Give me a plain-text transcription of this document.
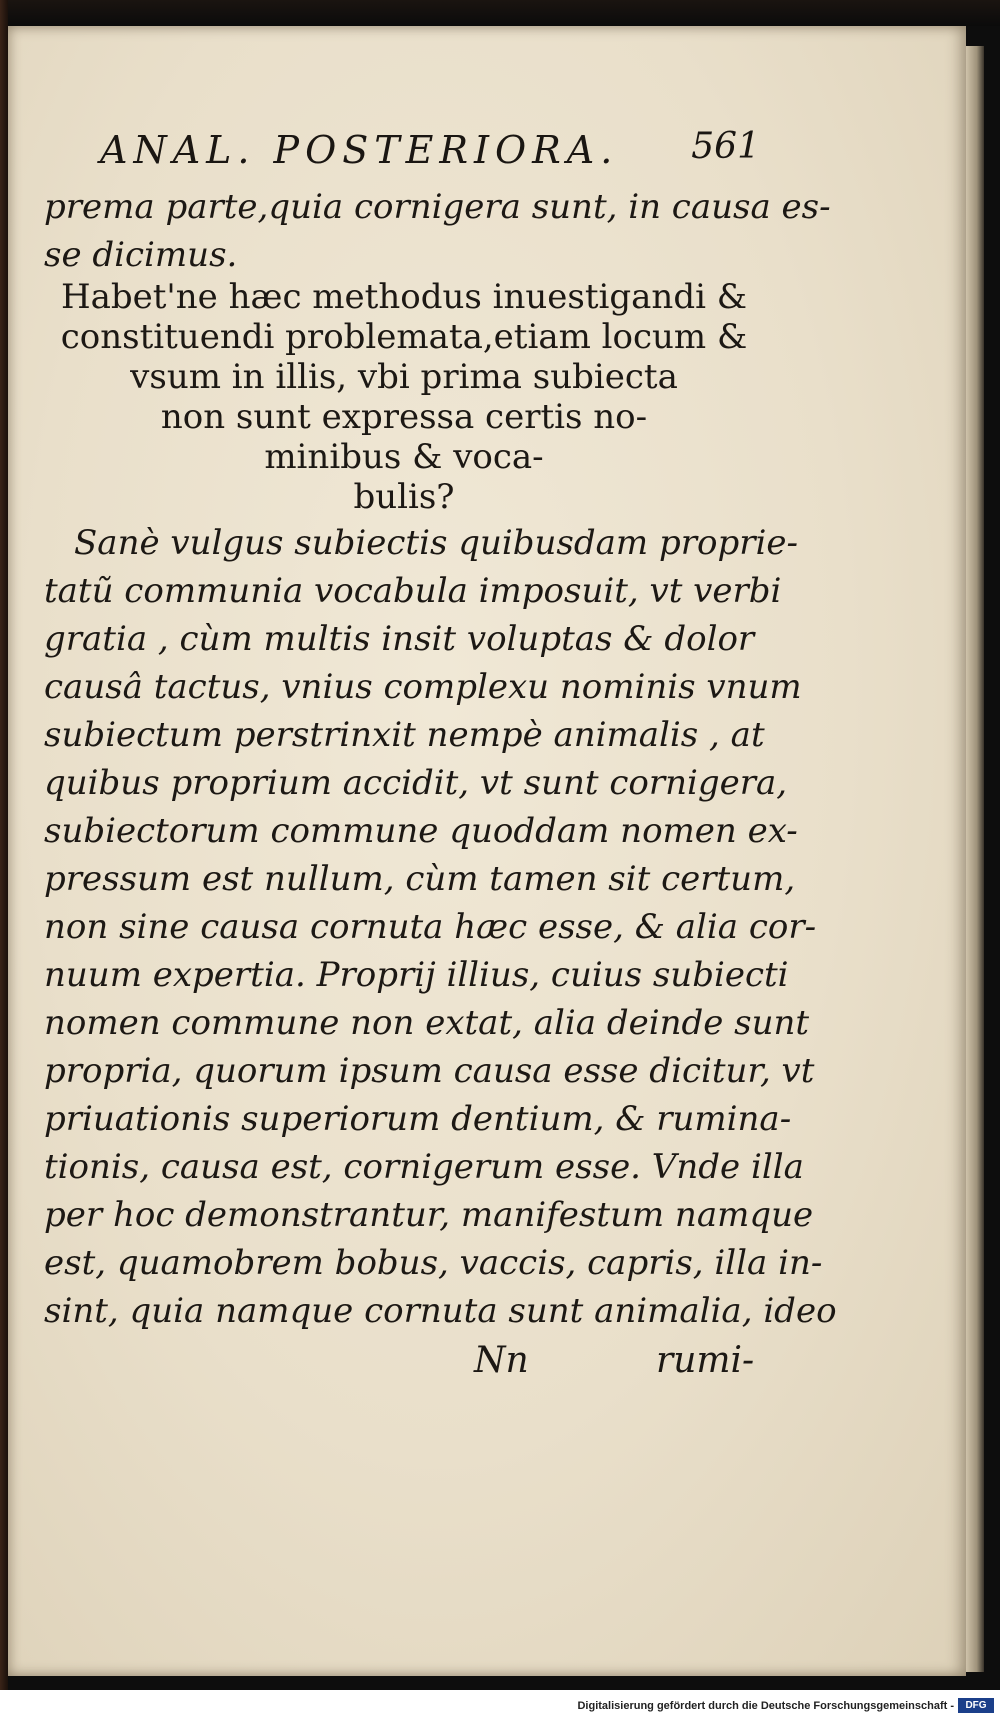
ANAL. POSTERIORA. 561
prema parte,quia cornigera sunt, in causa es-
se dicimus.
Habet'ne hæc methodus inuestigandi &
constituendi problemata,etiam locum &
vsum in illis, vbi prima subiecta
non sunt expressa certis no-
minibus & voca-
bulis?
Sanè vulgus subiectis quibusdam proprie-
tatũ communia vocabula imposuit, vt verbi
gratia , cùm multis insit voluptas & dolor
causâ tactus, vnius complexu nominis vnum
subiectum perstrinxit nempè animalis , at
quibus proprium accidit, vt sunt cornigera,
subiectorum commune quoddam nomen ex-
pressum est nullum, cùm tamen sit certum,
non sine causa cornuta hæc esse, & alia cor-
nuum expertia. Proprij illius, cuius subiecti
nomen commune non extat, alia deinde sunt
propria, quorum ipsum causa esse dicitur, vt
priuationis superiorum dentium, & rumina-
tionis, causa est, cornigerum esse. Vnde illa
per hoc demonstrantur, manifestum namque
est, quamobrem bobus, vaccis, capris, illa in-
sint, quia namque cornuta sunt animalia, ideo
Nn	rumi-
Digitalisierung gefördert durch die Deutsche Forschungsgemeinschaft -	DFG
